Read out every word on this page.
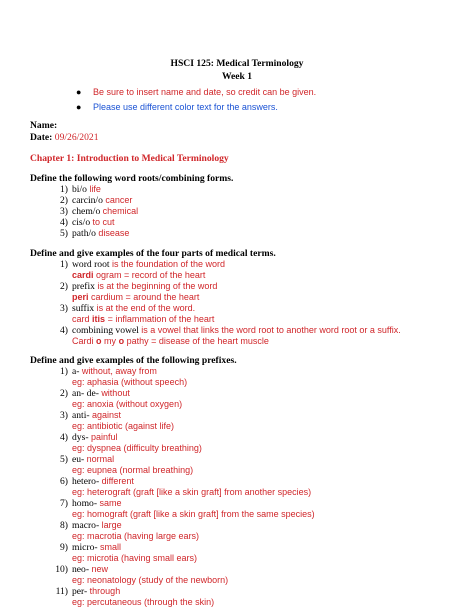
HSCI 125: Medical Terminology
Week 1
● Be sure to insert name and date, so credit can be given.
● Please use different color text for the answers.
Name:
Date: 09/26/2021
Chapter 1: Introduction to Medical Terminology
Define the following word roots/combining forms.
1) bi/o life
2) carcin/o cancer
3) chem/o chemical
4) cis/o to cut
5) path/o disease
Define and give examples of the four parts of medical terms.
1) word root is the foundation of the word
cardi ogram = record of the heart
2) prefix is at the beginning of the word
peri cardium = around the heart
3) suffix is at the end of the word.
card itis = inflammation of the heart
4) combining vowel is a vowel that links the word root to another word root or a suffix.
Cardi o my o pathy = disease of the heart muscle
Define and give examples of the following prefixes.
1) a- without, away from
eg: aphasia (without speech)
2) an- de- without
eg: anoxia (without oxygen)
3) anti- against
eg: antibiotic (against life)
4) dys- painful
eg: dyspnea (difficulty breathing)
5) eu- normal
eg: eupnea (normal breathing)
6) hetero- different
eg: heterograft (graft [like a skin graft] from another species)
7) homo- same
eg: homograft (graft [like a skin graft] from the same species)
8) macro- large
eg: macrotia (having large ears)
9) micro- small
eg: microtia (having small ears)
10) neo- new
eg: neonatology (study of the newborn)
11) per- through
eg: percutaneous (through the skin)
